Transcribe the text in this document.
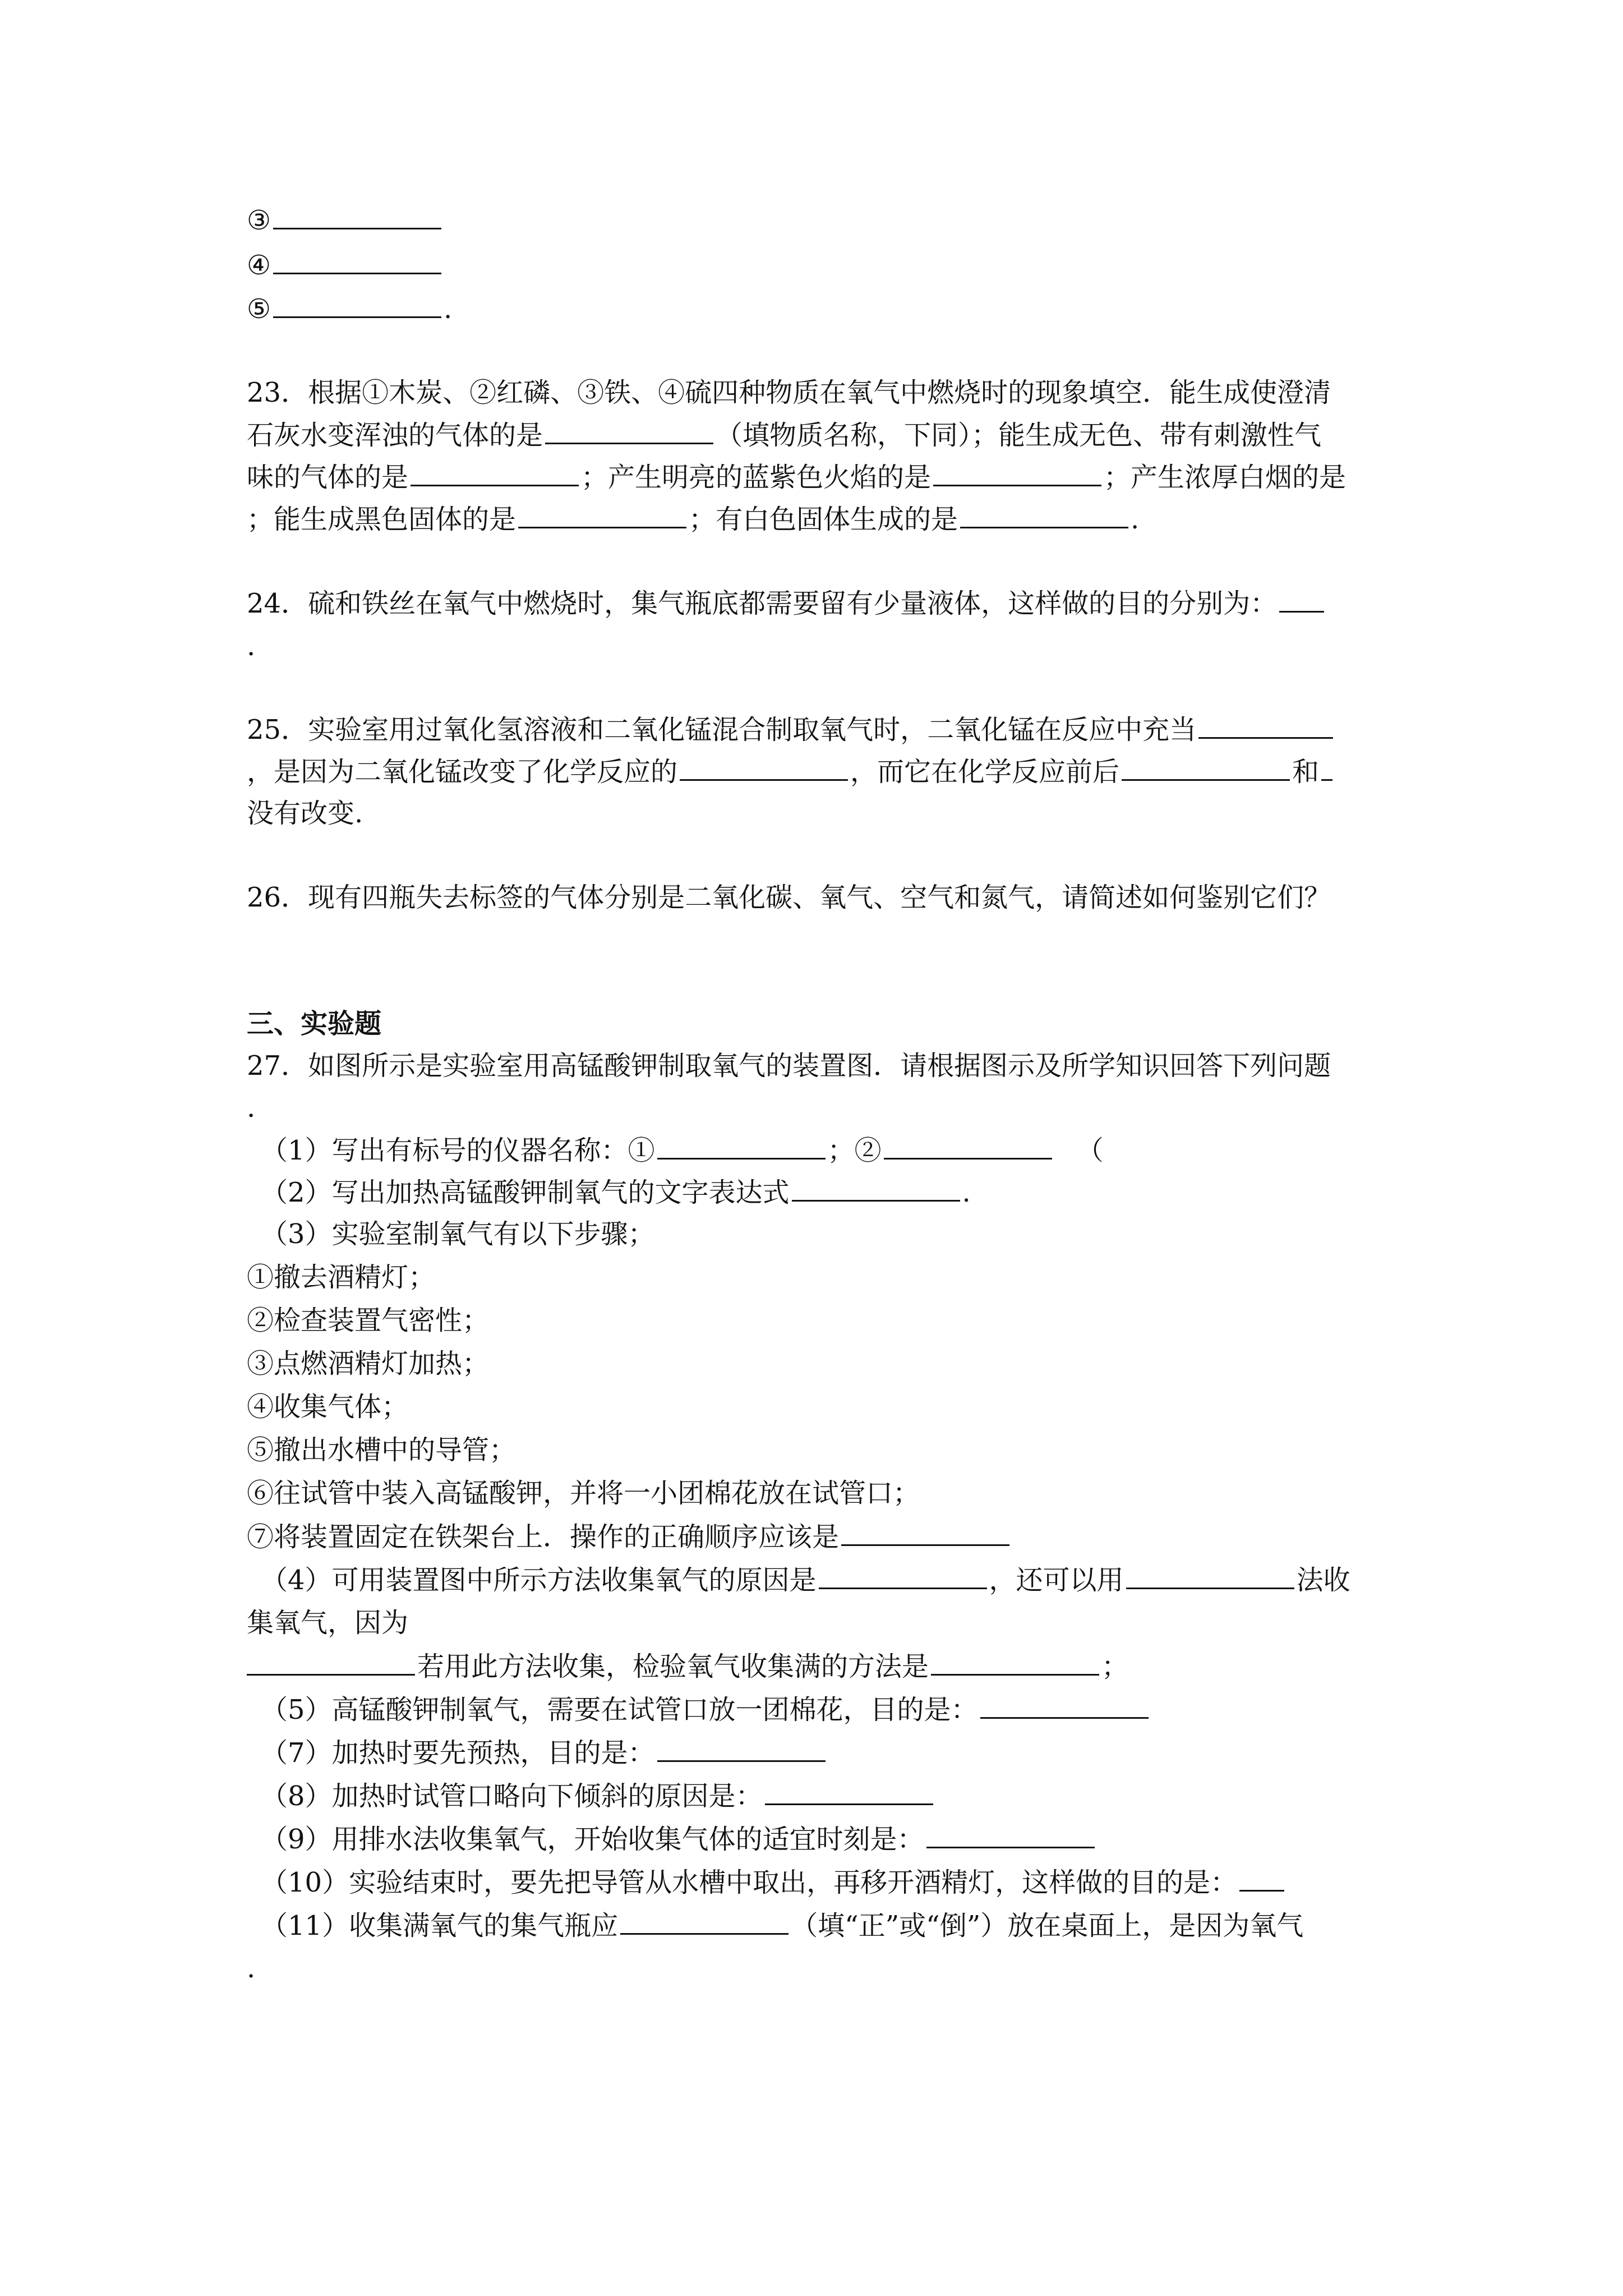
③
④
⑤	.
23．根据①木炭、②红磷、③铁、④硫四种物质在氧气中燃烧时的现象填空．能生成使澄清
石灰水变浑浊的气体的是	（填物质名称，下同）；能生成无色、带有刺激性气
味的气体的是	；产生明亮的蓝紫色火焰的是	；产生浓厚白烟的是
；能生成黑色固体的是	；有白色固体生成的是	.
24．硫和铁丝在氧气中燃烧时，集气瓶底都需要留有少量液体，这样做的目的分别为：
.
25．实验室用过氧化氢溶液和二氧化锰混合制取氧气时，二氧化锰在反应中充当
，是因为二氧化锰改变了化学反应的	，而它在化学反应前后	和
没有改变.
26．现有四瓶失去标签的气体分别是二氧化碳、氧气、空气和氮气，请简述如何鉴别它们？
三、实验题
27．如图所示是实验室用高锰酸钾制取氧气的装置图．请根据图示及所学知识回答下列问题
.
（1）写出有标号的仪器名称：①	；②	（
（2）写出加热高锰酸钾制氧气的文字表达式	.
（3）实验室制氧气有以下步骤；
①撤去酒精灯；
②检查装置气密性；
③点燃酒精灯加热；
④收集气体；
⑤撤出水槽中的导管；
⑥往试管中装入高锰酸钾，并将一小团棉花放在试管口；
⑦将装置固定在铁架台上．操作的正确顺序应该是
（4）可用装置图中所示方法收集氧气的原因是	，还可以用	法收
集氧气，因为
若用此方法收集，检验氧气收集满的方法是	；
（5）高锰酸钾制氧气，需要在试管口放一团棉花，目的是：
（7）加热时要先预热，目的是：
（8）加热时试管口略向下倾斜的原因是：
（9）用排水法收集氧气，开始收集气体的适宜时刻是：
（10）实验结束时，要先把导管从水槽中取出，再移开酒精灯，这样做的目的是：
（11）收集满氧气的集气瓶应	（填“正”或“倒”）放在桌面上，是因为氧气
.
